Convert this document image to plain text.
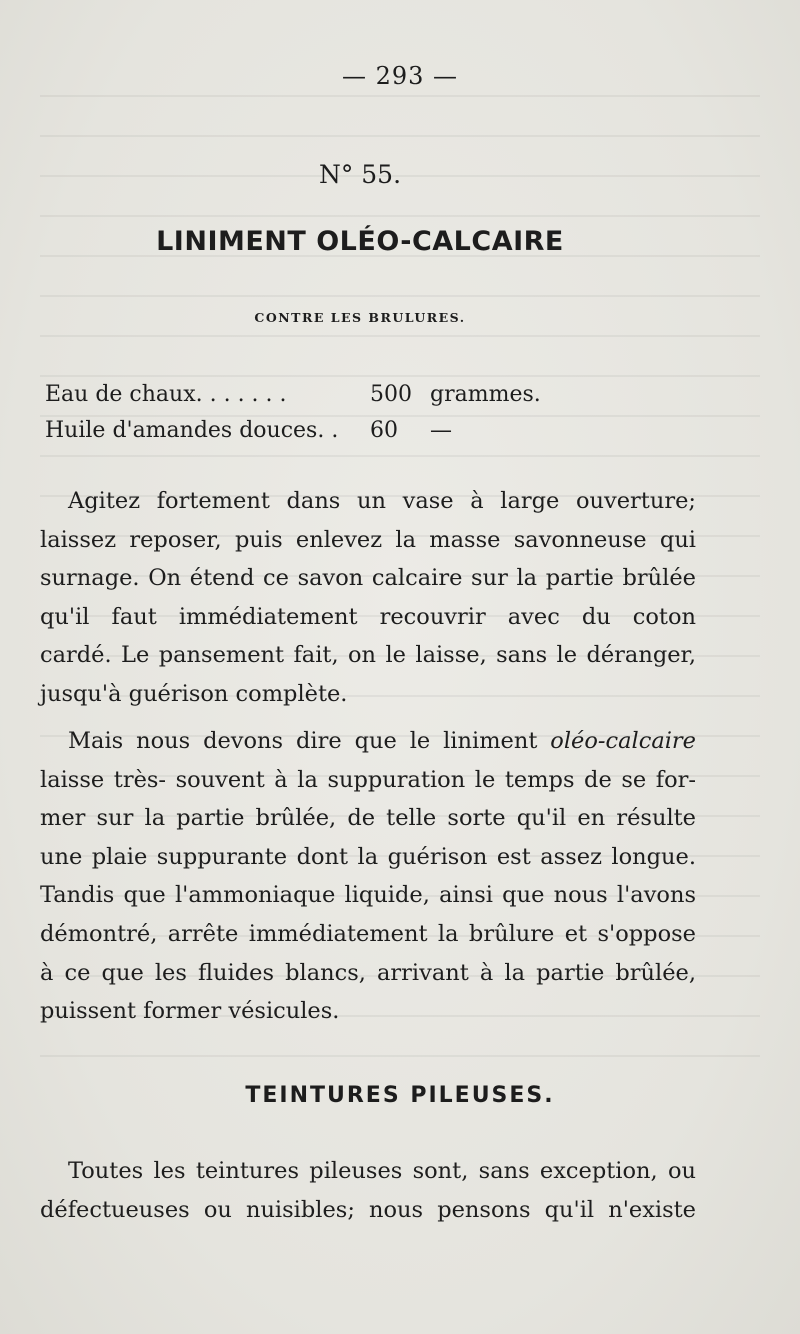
— 293 —
N° 55.
LINIMENT OLÉO-CALCAIRE
CONTRE LES BRULURES.
Eau de chaux. . . . . . .	500 grammes.
Huile d'amandes douces. . 60 —
Agitez fortement dans un vase à large ouverture;
laissez reposer, puis enlevez la masse savonneuse qui
surnage. On étend ce savon calcaire sur la partie brûlée
qu'il faut immédiatement recouvrir avec du coton
cardé. Le pansement fait, on le laisse, sans le déranger,
jusqu'à guérison complète.
Mais nous devons dire que le liniment oléo-calcaire
laisse très- souvent à la suppuration le temps de se for-
mer sur la partie brûlée, de telle sorte qu'il en résulte
une plaie suppurante dont la guérison est assez longue.
Tandis que l'ammoniaque liquide, ainsi que nous l'avons
démontré, arrête immédiatement la brûlure et s'oppose
à ce que les fluides blancs, arrivant à la partie brûlée,
puissent former vésicules.
TEINTURES PILEUSES.
Toutes les teintures pileuses sont, sans exception, ou
défectueuses ou nuisibles; nous pensons qu'il n'existe
